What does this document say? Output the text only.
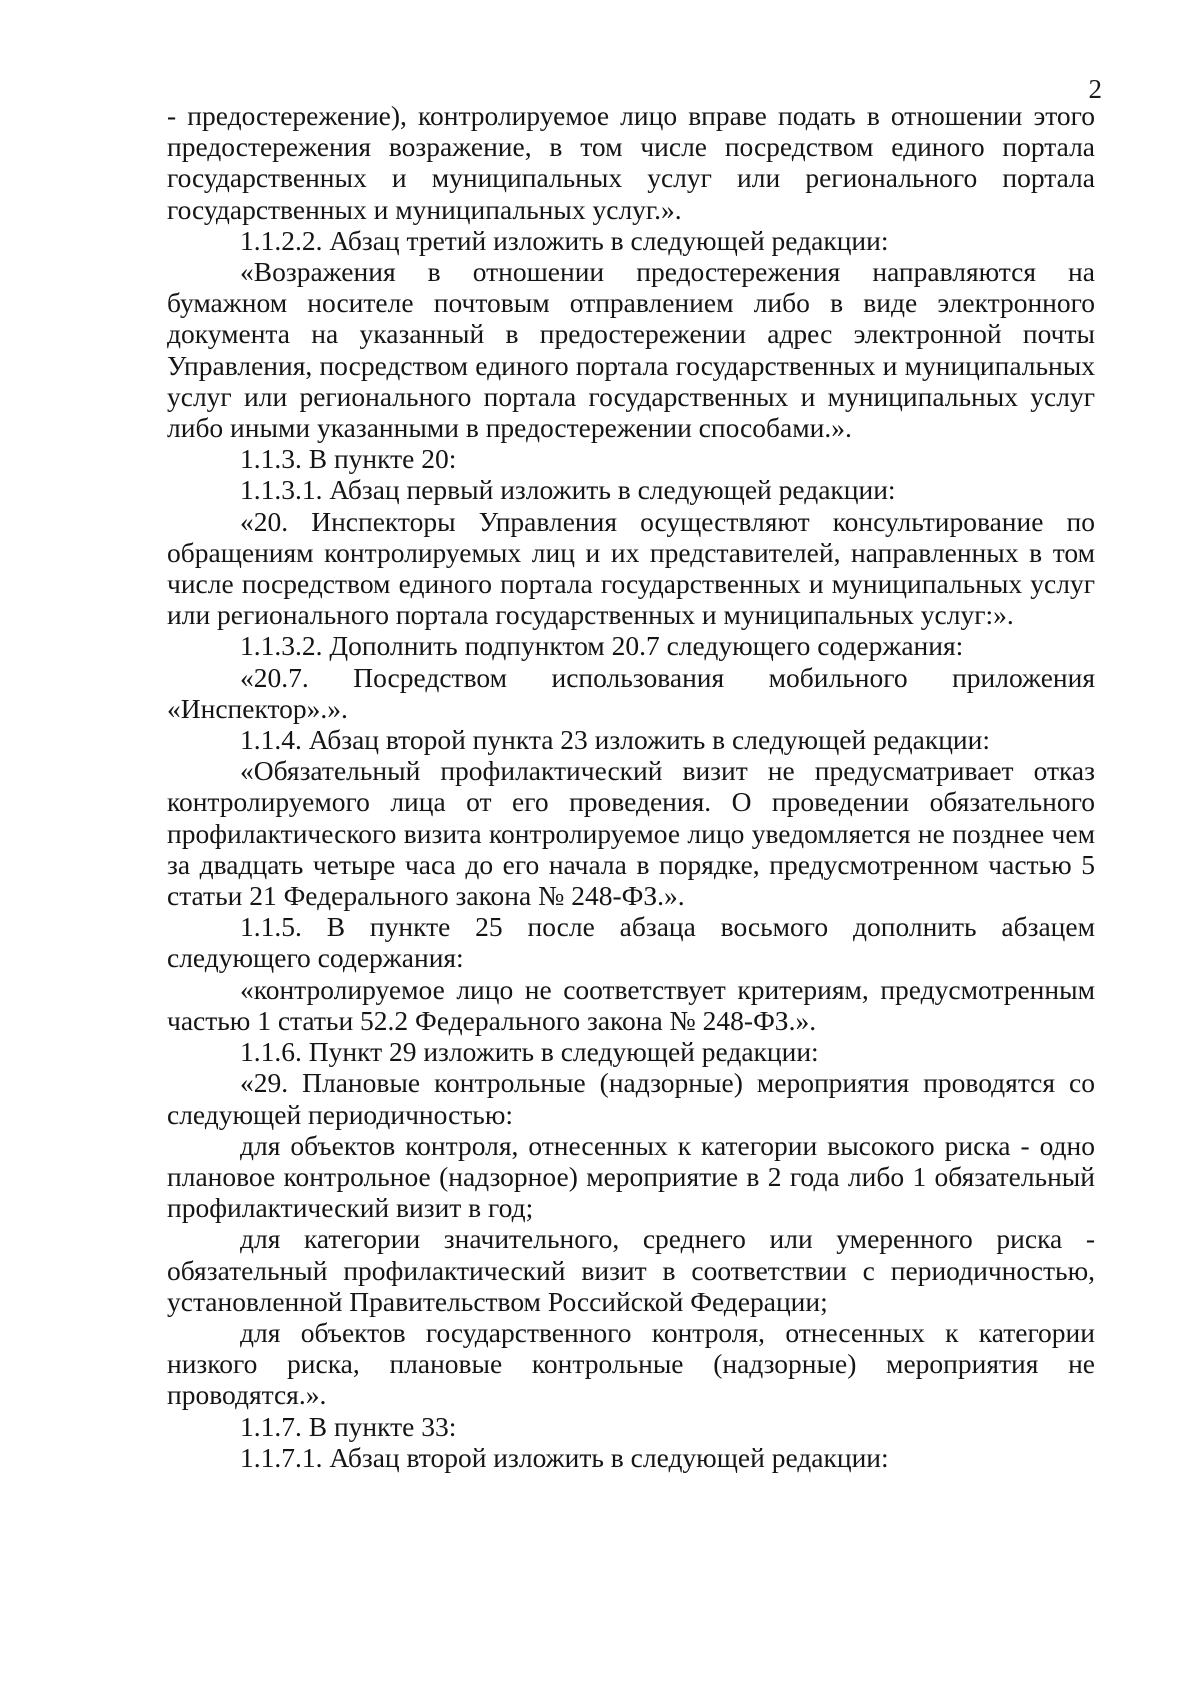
2

- предостережение), контролируемое лицо вправе подать в отношении этого предостережения возражение, в том числе посредством единого портала государственных и муниципальных услуг или регионального портала государственных и муниципальных услуг.».

1.1.2.2. Абзац третий изложить в следующей редакции:

«Возражения в отношении предостережения направляются на бумажном носителе почтовым отправлением либо в виде электронного документа на указанный в предостережении адрес электронной почты Управления, посредством единого портала государственных и муниципальных услуг или регионального портала государственных и муниципальных услуг либо иными указанными в предостережении способами.».

1.1.3. В пункте 20:

1.1.3.1. Абзац первый изложить в следующей редакции:

«20. Инспекторы Управления осуществляют консультирование по обращениям контролируемых лиц и их представителей, направленных в том числе посредством единого портала государственных и муниципальных услуг или регионального портала государственных и муниципальных услуг:».

1.1.3.2. Дополнить подпунктом 20.7 следующего содержания:

«20.7. Посредством использования мобильного приложения «Инспектор».».

1.1.4. Абзац второй пункта 23 изложить в следующей редакции:

«Обязательный профилактический визит не предусматривает отказ контролируемого лица от его проведения. О проведении обязательного профилактического визита контролируемое лицо уведомляется не позднее чем за двадцать четыре часа до его начала в порядке, предусмотренном частью 5 статьи 21 Федерального закона № 248-ФЗ.».

1.1.5. В пункте 25 после абзаца восьмого дополнить абзацем следующего содержания:

«контролируемое лицо не соответствует критериям, предусмотренным частью 1 статьи 52.2 Федерального закона № 248-ФЗ.».

1.1.6. Пункт 29 изложить в следующей редакции:

«29. Плановые контрольные (надзорные) мероприятия проводятся со следующей периодичностью:

для объектов контроля, отнесенных к категории высокого риска - одно плановое контрольное (надзорное) мероприятие в 2 года либо 1 обязательный профилактический визит в год;

для категории значительного, среднего или умеренного риска - обязательный профилактический визит в соответствии с периодичностью, установленной Правительством Российской Федерации;

для объектов государственного контроля, отнесенных к категории низкого риска, плановые контрольные (надзорные) мероприятия не проводятся.».

1.1.7. В пункте 33:

1.1.7.1. Абзац второй изложить в следующей редакции:
